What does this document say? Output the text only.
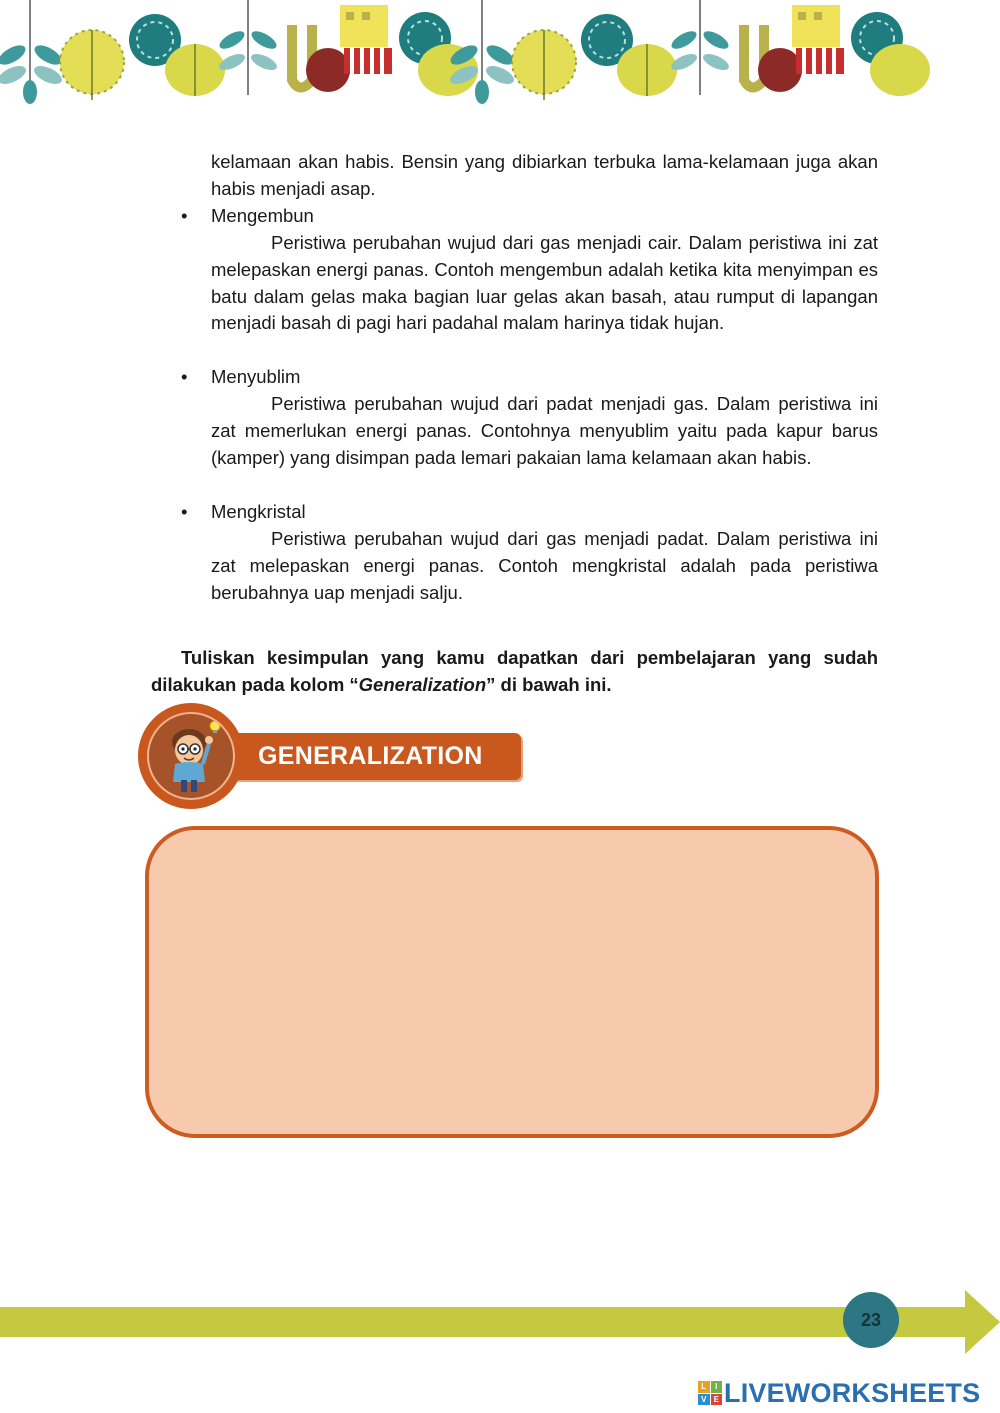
kelamaan akan habis. Bensin yang dibiarkan terbuka lama-kelamaan juga akan habis menjadi asap.
• Mengembun
Peristiwa perubahan wujud dari gas menjadi cair. Dalam peristiwa ini zat melepaskan energi panas. Contoh mengembun adalah ketika kita menyimpan es batu dalam gelas maka bagian luar gelas akan basah, atau rumput di lapangan menjadi basah di pagi hari padahal malam harinya tidak hujan.
• Menyublim
Peristiwa perubahan wujud dari padat menjadi gas. Dalam peristiwa ini zat memerlukan energi panas. Contohnya menyublim yaitu pada kapur barus (kamper) yang disimpan pada lemari pakaian lama kelamaan akan habis.
• Mengkristal
Peristiwa perubahan wujud dari gas menjadi padat. Dalam peristiwa ini zat melepaskan energi panas. Contoh mengkristal adalah pada peristiwa berubahnya uap menjadi salju.
Tuliskan kesimpulan yang kamu dapatkan dari pembelajaran yang sudah dilakukan pada kolom “Generalization” di bawah ini.
GENERALIZATION
23
L	I
V E LIVEWORKSHEETS
